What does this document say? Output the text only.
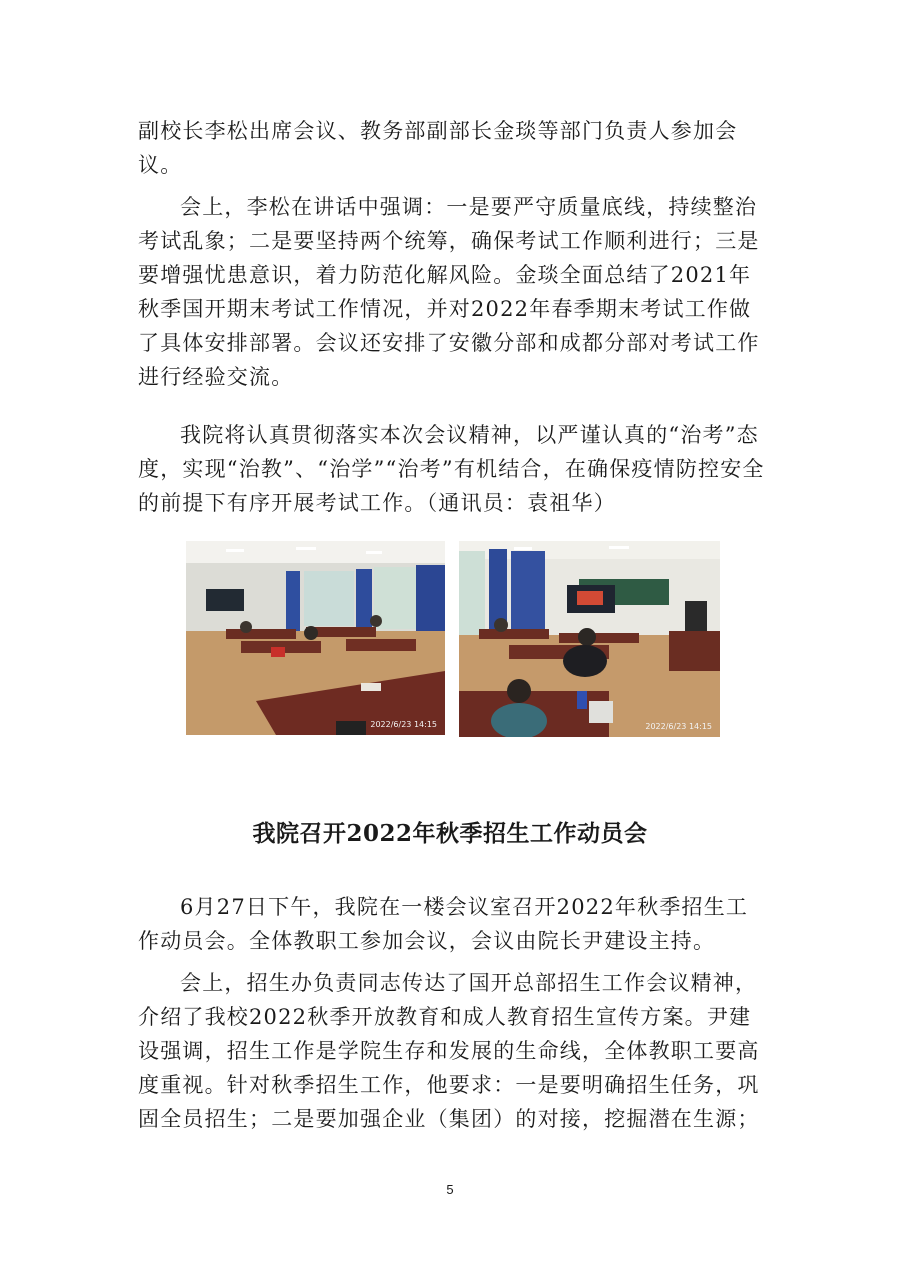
副校长李松出席会议、教务部副部长金琰等部门负责人参加会议。

会上，李松在讲话中强调：一是要严守质量底线，持续整治考试乱象；二是要坚持两个统筹，确保考试工作顺利进行；三是要增强忧患意识，着力防范化解风险。金琰全面总结了2021年秋季国开期末考试工作情况，并对2022年春季期末考试工作做了具体安排部署。会议还安排了安徽分部和成都分部对考试工作进行经验交流。

我院将认真贯彻落实本次会议精神，以严谨认真的“治考”态度，实现“治教”、“治学”“治考”有机结合，在确保疫情防控安全的前提下有序开展考试工作。（通讯员：袁祖华）

2022/6/23 14:15	2022/6/23 14:15
我院召开2022年秋季招生工作动员会

6月27日下午，我院在一楼会议室召开2022年秋季招生工作动员会。全体教职工参加会议，会议由院长尹建设主持。

会上，招生办负责同志传达了国开总部招生工作会议精神，介绍了我校2022秋季开放教育和成人教育招生宣传方案。尹建设强调，招生工作是学院生存和发展的生命线，全体教职工要高度重视。针对秋季招生工作，他要求：一是要明确招生任务，巩固全员招生；二是要加强企业（集团）的对接，挖掘潜在生源；

5
